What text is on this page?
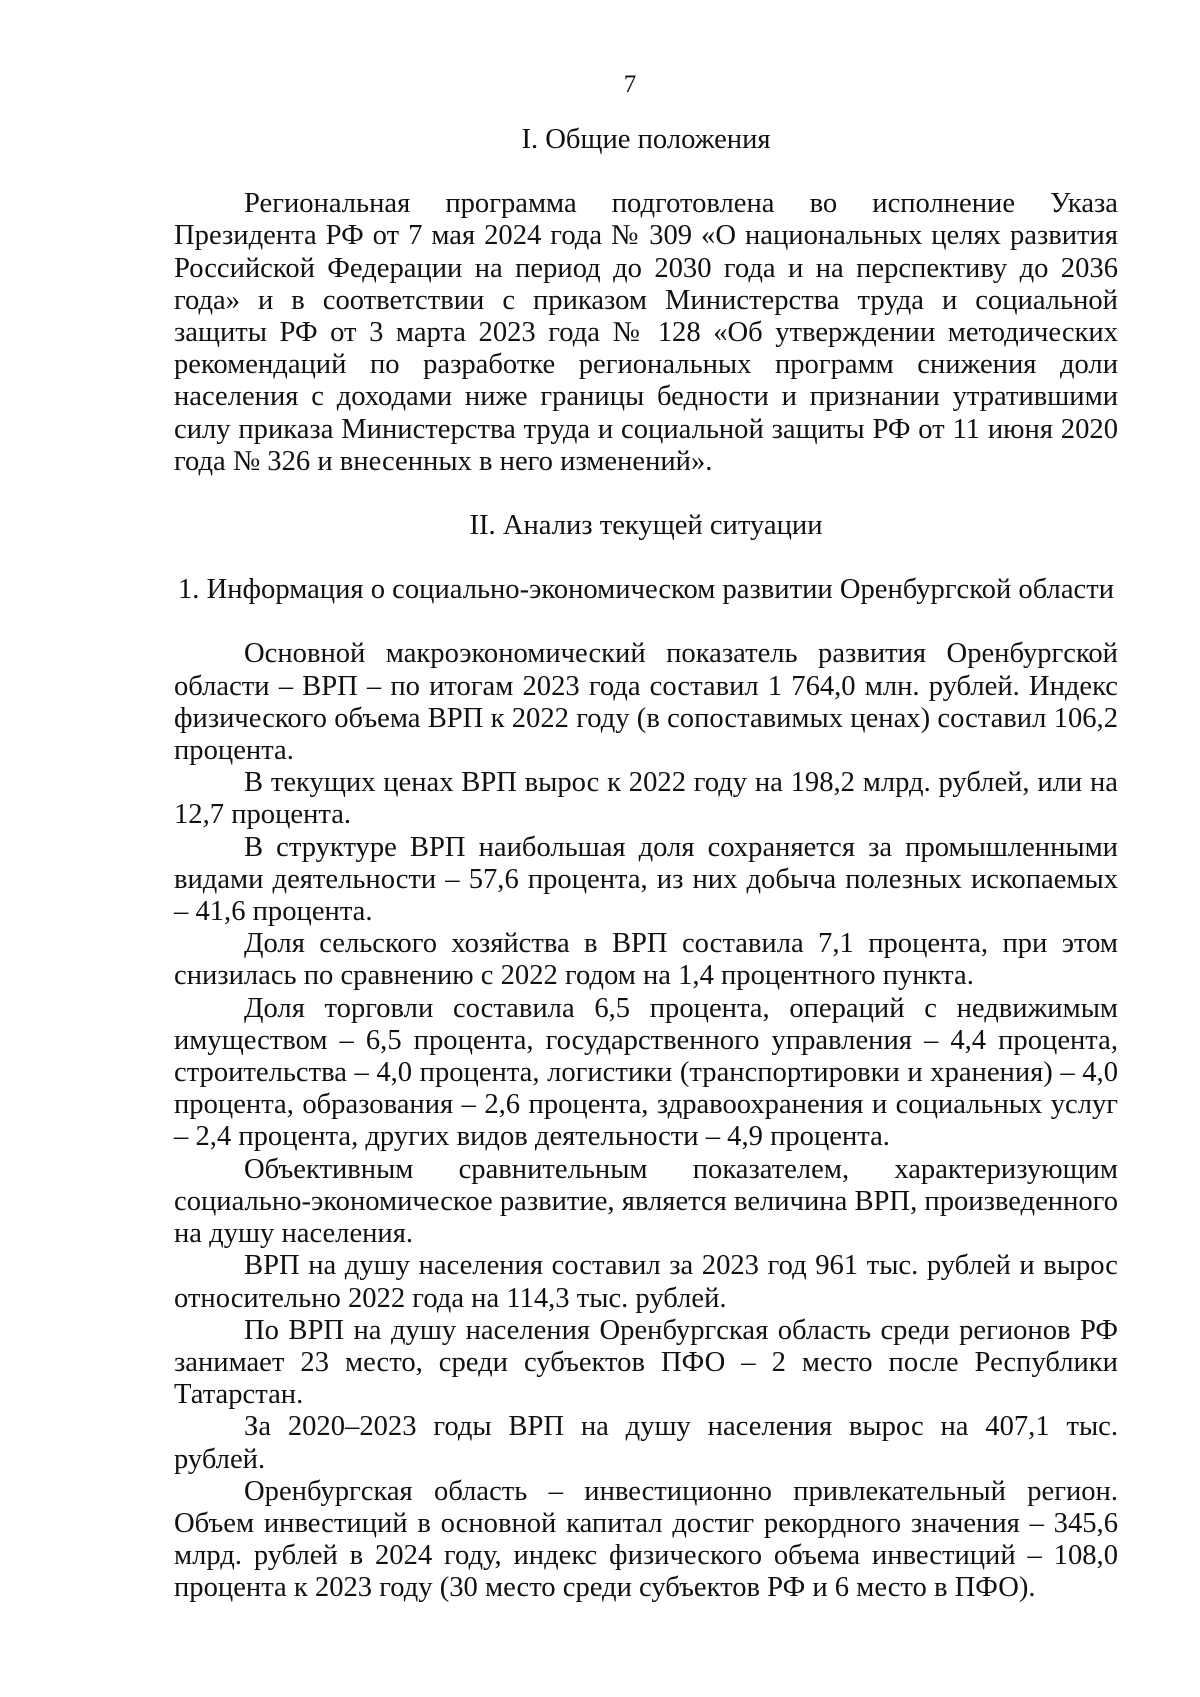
7
I. Общие положения

Региональная программа подготовлена во исполнение Указа Президента РФ от 7 мая 2024 года № 309 «О национальных целях развития Российской Федерации на период до 2030 года и на перспективу до 2036 года» и в соответствии с приказом Министерства труда и социальной защиты РФ от 3 марта 2023 года № 128 «Об утверждении методических рекомендаций по разработке региональных программ снижения доли населения с доходами ниже границы бедности и признании утратившими силу приказа Министерства труда и социальной защиты РФ от 11 июня 2020 года № 326 и внесенных в него изменений».

II. Анализ текущей ситуации
1. Информация о социально-экономическом развитии Оренбургской области

Основной макроэкономический показатель развития Оренбургской области – ВРП – по итогам 2023 года составил 1 764,0 млн. рублей. Индекс физического объема ВРП к 2022 году (в сопоставимых ценах) составил 106,2 процента.

В текущих ценах ВРП вырос к 2022 году на 198,2 млрд. рублей, или на 12,7 процента.

В структуре ВРП наибольшая доля сохраняется за промышленными видами деятельности – 57,6 процента, из них добыча полезных ископаемых – 41,6 процента.

Доля сельского хозяйства в ВРП составила 7,1 процента, при этом снизилась по сравнению с 2022 годом на 1,4 процентного пункта.

Доля торговли составила 6,5 процента, операций с недвижимым имуществом – 6,5 процента, государственного управления – 4,4 процента, строительства – 4,0 процента, логистики (транспортировки и хранения) – 4,0 процента, образования – 2,6 процента, здравоохранения и социальных услуг – 2,4 процента, других видов деятельности – 4,9 процента.

Объективным сравнительным показателем, характеризующим социально-экономическое развитие, является величина ВРП, произведенного на душу населения.

ВРП на душу населения составил за 2023 год 961 тыс. рублей и вырос относительно 2022 года на 114,3 тыс. рублей.

По ВРП на душу населения Оренбургская область среди регионов РФ занимает 23 место, среди субъектов ПФО – 2 место после Республики Татарстан.

За 2020–2023 годы ВРП на душу населения вырос на 407,1 тыс. рублей.

Оренбургская область – инвестиционно привлекательный регион. Объем инвестиций в основной капитал достиг рекордного значения – 345,6 млрд. рублей в 2024 году, индекс физического объема инвестиций – 108,0 процента к 2023 году (30 место среди субъектов РФ и 6 место в ПФО).
